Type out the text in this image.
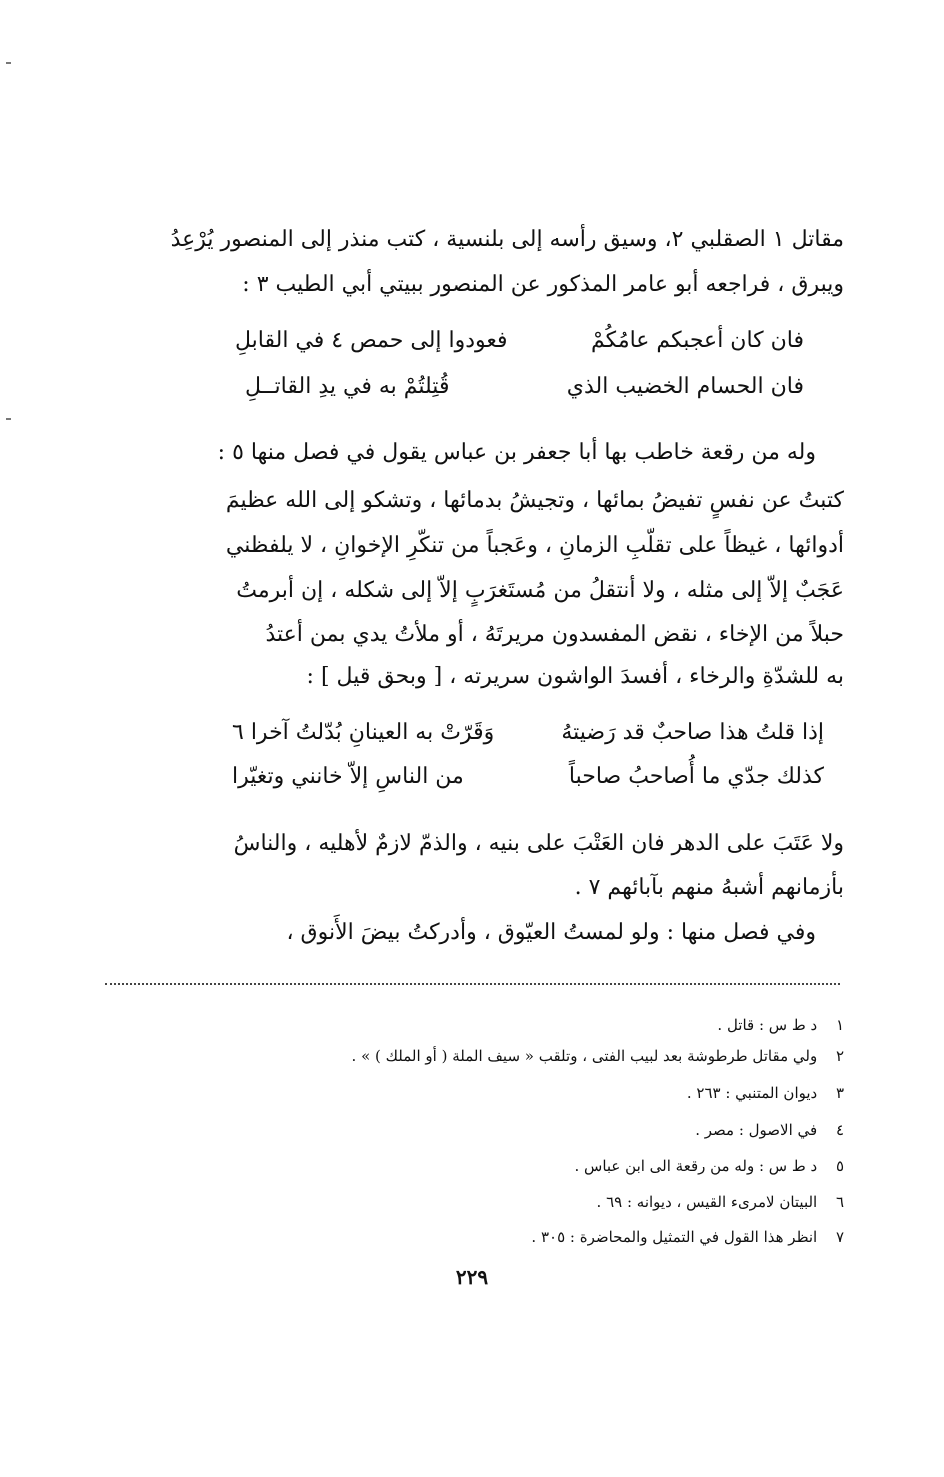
مقاتل ١ الصقلبي ٢، وسيق رأسه إلى بلنسية ، كتب منذر إلى المنصور يُرْعِدُ
ويبرق ، فراجعه أبو عامر المذكور عن المنصور ببيتي أبي الطيب ٣ :
فان كان أعجبكم عامُكُمْ
فعودوا إلى حمص ٤ في القابلِ
فان الحسام الخضيب الذي
قُتِلتُمْ به في يدِ القاتــلِ
وله من رقعة خاطب بها أبا جعفر بن عباس يقول في فصل منها ٥ :
كتبتُ عن نفسٍ تفيضُ بمائها ، وتجيشُ بدمائها ، وتشكو إلى الله عظيمَ
أدوائها ، غيظاً على تقلّبِ الزمانِ ، وعَجباً من تنكّرِ الإخوانِ ، لا يلفظني
عَجَبٌ إلاّ إلى مثله ، ولا أنتقلُ من مُستَغرَبٍ إلاّ إلى شكله ، إن أبرمتُ
حبلاً من الإخاء ، نقض المفسدون مريرتَهُ ، أو ملأتُ يدي بمن أعتدُ
به للشدّةِ والرخاء ، أفسدَ الواشون سريرته ، [ وبحق قيل ] :
إذا قلتُ هذا صاحبٌ قد رَضيتهُ
وَقَرّتْ به العينانِ بُدّلتُ آخرا ٦
كذلك جدّي ما أُصاحبُ صاحباً
من الناسِ إلاّ خانني وتغيّرا
ولا عَتَبَ على الدهر فان العَتْبَ على بنيه ، والذمّ لازمٌ لأهليه ، والناسُ
بأزمانهم أشبهُ منهم بآبائهم ٧ .
وفي فصل منها : ولو لمستُ العيّوق ، وأدركتُ بيضَ الأَنوق ،
١ د ط س : قاتل .
٢ ولي مقاتل طرطوشة بعد لبيب الفتى ، وتلقب « سيف الملة ( أو الملك ) » .
٣ ديوان المتنبي : ٢٦٣ .
٤ في الاصول : مصر .
٥ د ط س : وله من رقعة الى ابن عباس .
٦ البيتان لامرىء القيس ، ديوانه : ٦٩ .
٧ انظر هذا القول في التمثيل والمحاضرة : ٣٠٥ .
٢٢٩
